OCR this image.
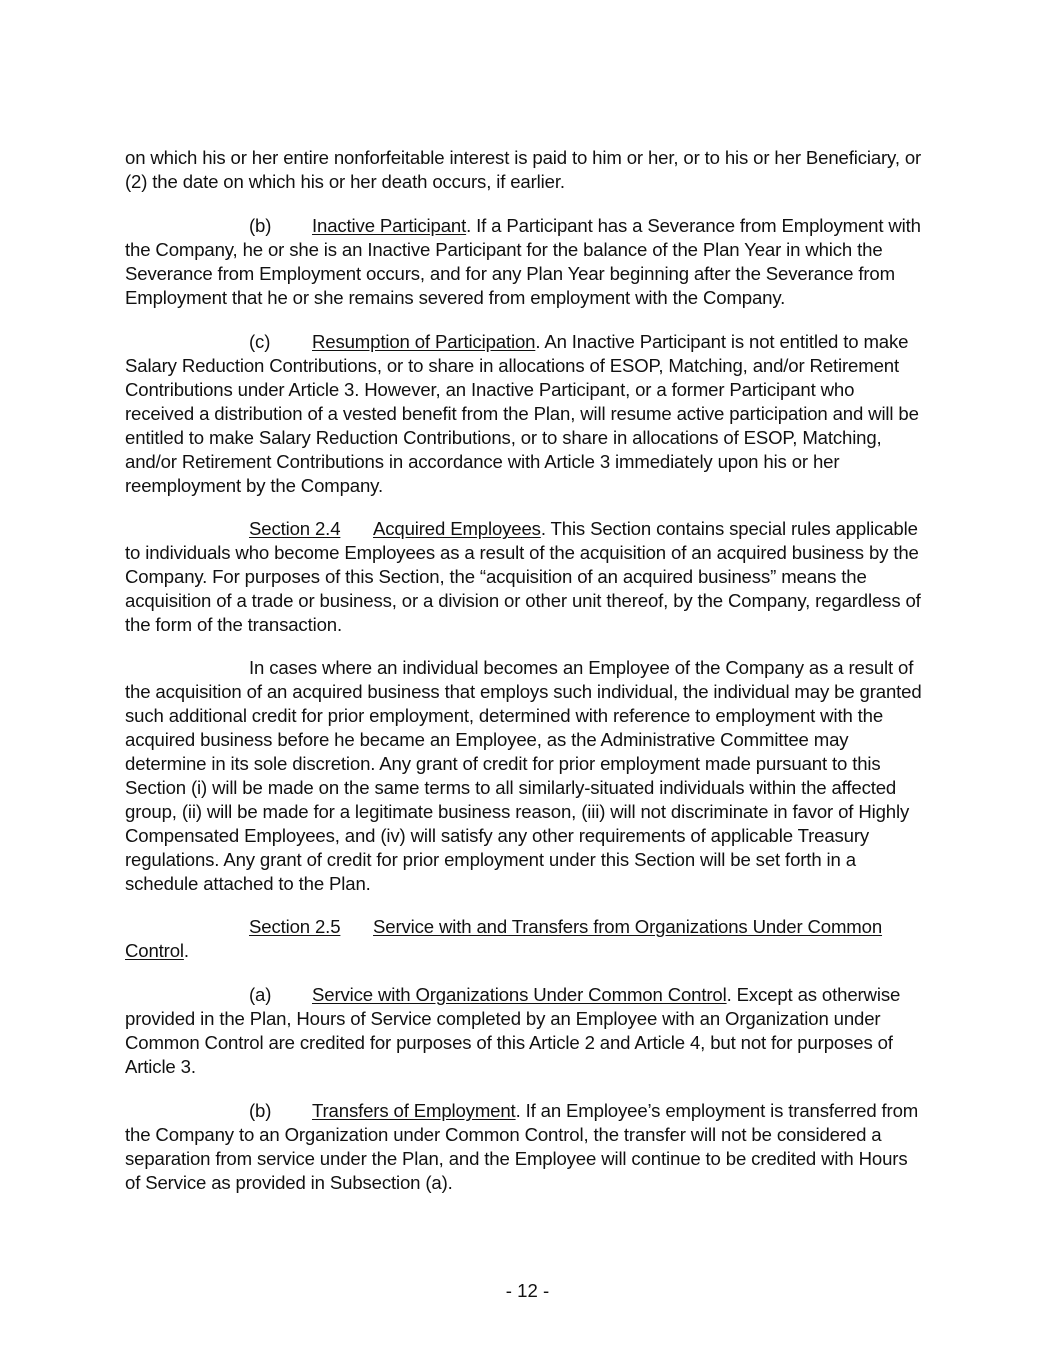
on which his or her entire nonforfeitable interest is paid to him or her, or to his or her Beneficiary, or (2) the date on which his or her death occurs, if earlier.

(b) Inactive Participant. If a Participant has a Severance from Employment with the Company, he or she is an Inactive Participant for the balance of the Plan Year in which the Severance from Employment occurs, and for any Plan Year beginning after the Severance from Employment that he or she remains severed from employment with the Company.

(c) Resumption of Participation. An Inactive Participant is not entitled to make Salary Reduction Contributions, or to share in allocations of ESOP, Matching, and/or Retirement Contributions under Article 3. However, an Inactive Participant, or a former Participant who received a distribution of a vested benefit from the Plan, will resume active participation and will be entitled to make Salary Reduction Contributions, or to share in allocations of ESOP, Matching, and/or Retirement Contributions in accordance with Article 3 immediately upon his or her reemployment by the Company.

Section 2.4 Acquired Employees. This Section contains special rules applicable to individuals who become Employees as a result of the acquisition of an acquired business by the Company. For purposes of this Section, the “acquisition of an acquired business” means the acquisition of a trade or business, or a division or other unit thereof, by the Company, regardless of the form of the transaction.

In cases where an individual becomes an Employee of the Company as a result of the acquisition of an acquired business that employs such individual, the individual may be granted such additional credit for prior employment, determined with reference to employment with the acquired business before he became an Employee, as the Administrative Committee may determine in its sole discretion. Any grant of credit for prior employment made pursuant to this Section (i) will be made on the same terms to all similarly-situated individuals within the affected group, (ii) will be made for a legitimate business reason, (iii) will not discriminate in favor of Highly Compensated Employees, and (iv) will satisfy any other requirements of applicable Treasury regulations. Any grant of credit for prior employment under this Section will be set forth in a schedule attached to the Plan.

Section 2.5 Service with and Transfers from Organizations Under Common Control.

(a) Service with Organizations Under Common Control. Except as otherwise provided in the Plan, Hours of Service completed by an Employee with an Organization under Common Control are credited for purposes of this Article 2 and Article 4, but not for purposes of Article 3.

(b) Transfers of Employment. If an Employee’s employment is transferred from the Company to an Organization under Common Control, the transfer will not be considered a separation from service under the Plan, and the Employee will continue to be credited with Hours of Service as provided in Subsection (a).

- 12 -
